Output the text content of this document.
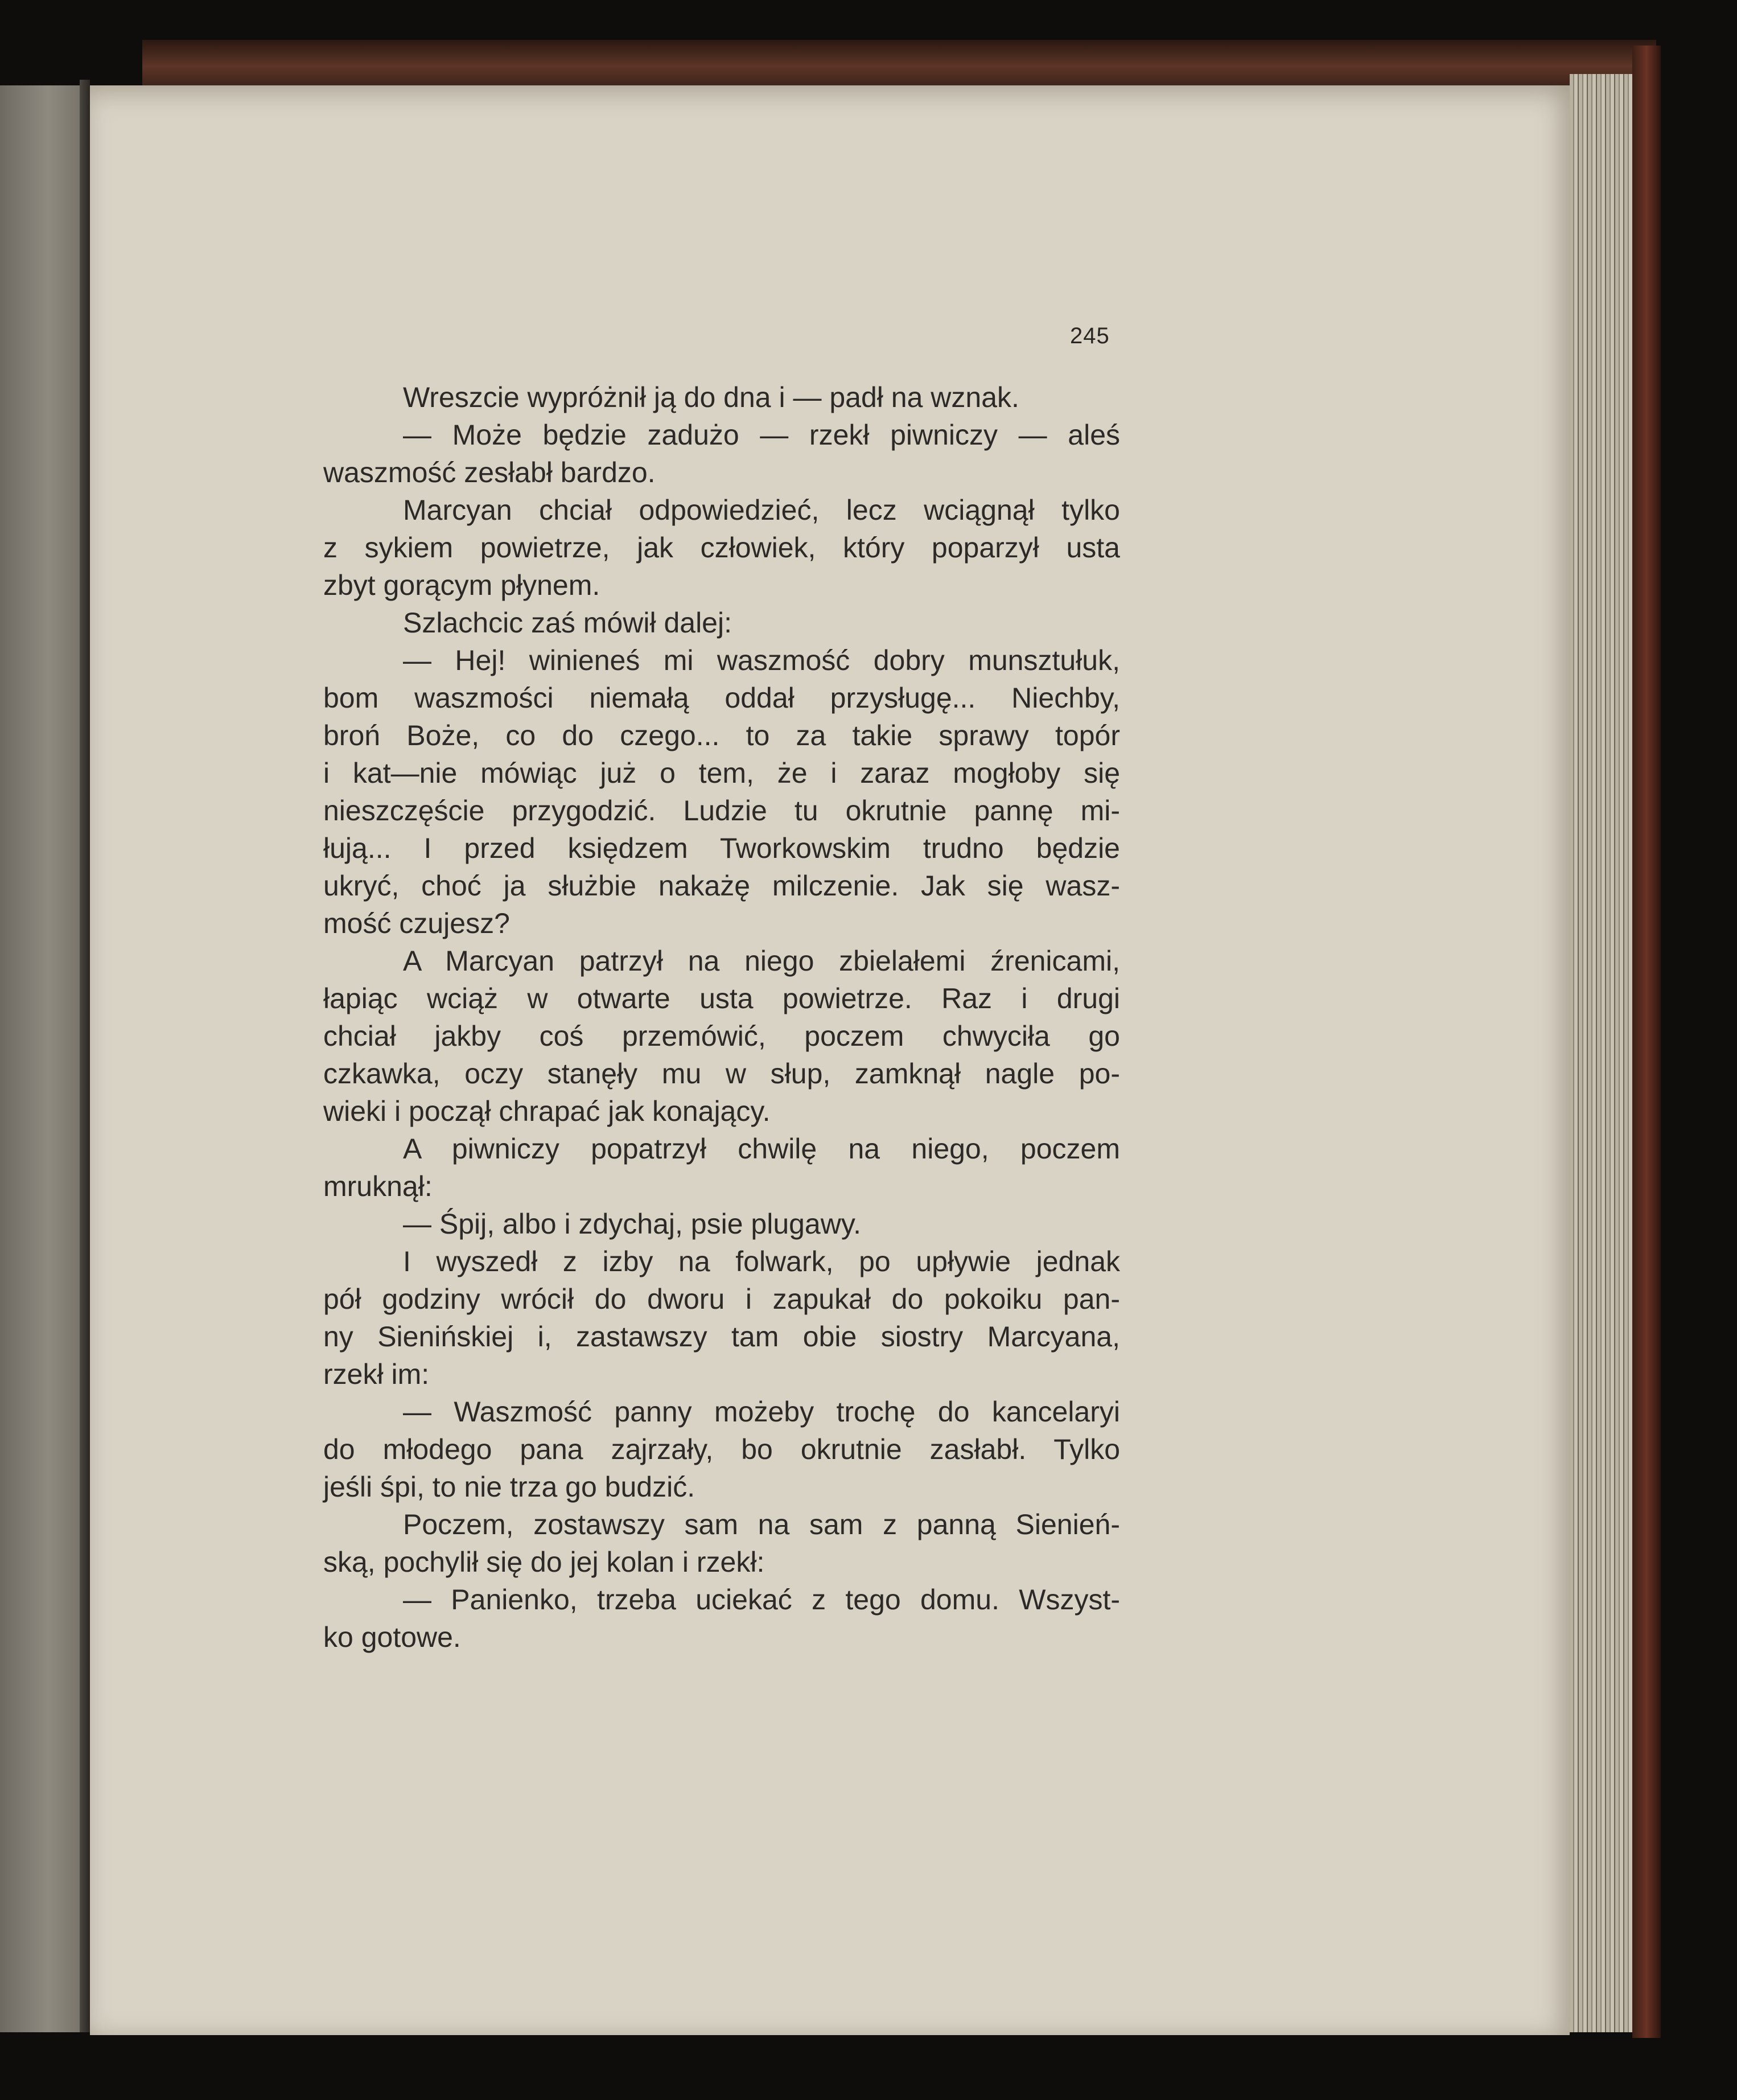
245
Wreszcie wypróżnił ją do dna i — padł na wznak.
— Może będzie zadużo — rzekł piwniczy — aleś
waszmość zesłabł bardzo.
Marcyan chciał odpowiedzieć, lecz wciągnął tylko
z sykiem powietrze, jak człowiek, który poparzył usta
zbyt gorącym płynem.
Szlachcic zaś mówił dalej:
— Hej! winieneś mi waszmość dobry munsztułuk,
bom waszmości niemałą oddał przysługę... Niechby,
broń Boże, co do czego... to za takie sprawy topór
i kat—nie mówiąc już o tem, że i zaraz mogłoby się
nieszczęście przygodzić. Ludzie tu okrutnie pannę mi-
łują... I przed księdzem Tworkowskim trudno będzie
ukryć, choć ja służbie nakażę milczenie. Jak się wasz-
mość czujesz?
A Marcyan patrzył na niego zbielałemi źrenicami,
łapiąc wciąż w otwarte usta powietrze. Raz i drugi
chciał jakby coś przemówić, poczem chwyciła go
czkawka, oczy stanęły mu w słup, zamknął nagle po-
wieki i począł chrapać jak konający.
A piwniczy popatrzył chwilę na niego, poczem
mruknął:
— Śpij, albo i zdychaj, psie plugawy.
I wyszedł z izby na folwark, po upływie jednak
pół godziny wrócił do dworu i zapukał do pokoiku pan-
ny Sienińskiej i, zastawszy tam obie siostry Marcyana,
rzekł im:
— Waszmość panny możeby trochę do kancelaryi
do młodego pana zajrzały, bo okrutnie zasłabł. Tylko
jeśli śpi, to nie trza go budzić.
Poczem, zostawszy sam na sam z panną Sienień-
ską, pochylił się do jej kolan i rzekł:
— Panienko, trzeba uciekać z tego domu. Wszyst-
ko gotowe.
